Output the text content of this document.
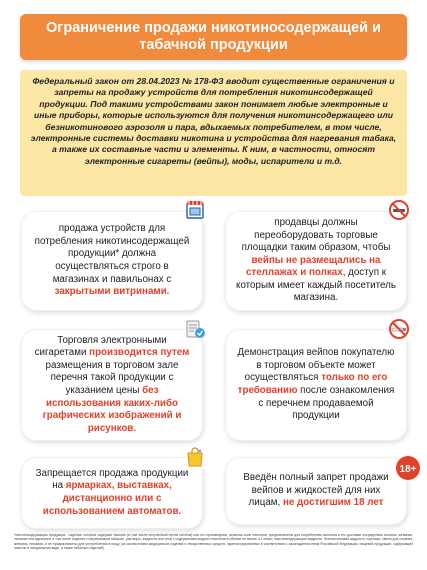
Ограничение продажи никотиносодержащей и табачной продукции

Федеральный закон от 28.04.2023 № 178-ФЗ вводит существенные ограничения и запреты на продажу устройств для потребления никотинсодержащей продукции. Под такими устройствами закон понимает любые электронные и иные приборы, которые используются для получения никотинсодержащего или безникотинового аэрозоля и пара, вдыхаемых потребителем, в том числе, электронные системы доставки никотина и устройства для нагревания табака, а также их составные части и элементы. К ним, в частности, относят электронные сигареты (вейпы), моды, испарители и т.д.

продажа устройств для потребления никотинсодержащей продукции* должна осуществляться строго в магазинах и павильонах с закрытыми витринами.

продавцы должны переоборудовать торговые площадки таким образом, чтобы вейпы не размещались на стеллажах и полках, доступ к которым имеет каждый посетитель магазина.

Торговля электронными сигаретами производится путем размещения в торговом зале перечня такой продукции с указанием цены без использования каких-либо графических изображений и рисунков.

Демонстрация вейпов покупателю в торговом объекте может осуществляться только по его требованию после ознакомления с перечнем продаваемой продукции

Запрещается продажа продукции на ярмарках, выставках, дистанционно или с использованием автоматов.

Введён полный запрет продажи вейпов и жидкостей для них лицам, не достигшим 18 лет

18+

*никотинсодержащая продукция - изделия, которые содержат никотин (в том числе полученный путем синтеза) или его производные, включая соли никотина, предназначены для потребления никотина и его доставки посредством сосания, жевания, нюхания или вдыхания, в том числе изделия с нагреваемым табаком, растворы, жидкости или гели с содержанием жидкого никотина в объеме не менее 0,1 мг/мл, никотинсодержащая жидкость, безникотиновая жидкость, порошки, смеси для сосания, жевания, нюхания, и не предназначены для употребления в пищу (за исключением медицинских изделий и лекарственных средств, зарегистрированных в соответствии с законодательством Российской Федерации, пищевой продукции, содержащей никотин в натуральном виде, а также табачных изделий).
